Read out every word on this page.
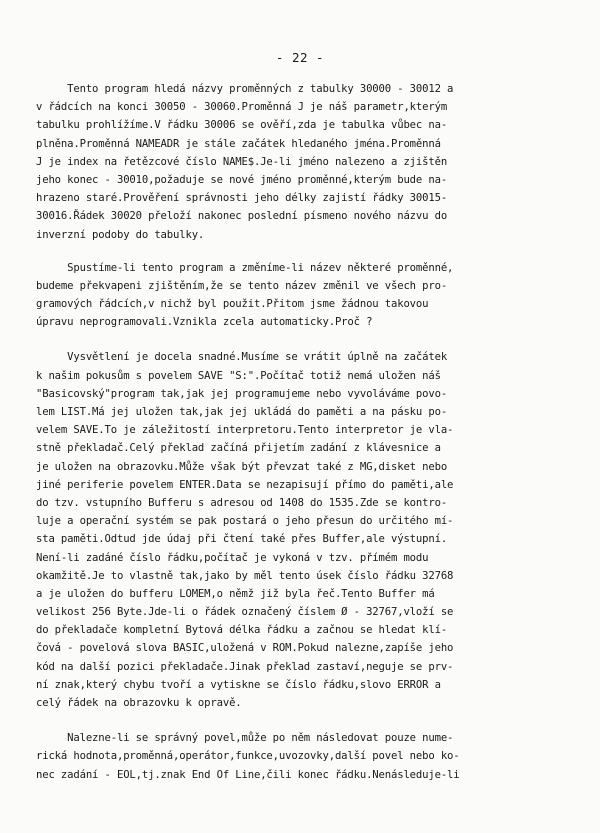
- 22 -
Tento program hledá názvy proměnných z tabulky 30000 - 30012 a
v řádcích na konci 30050 - 30060.Proměnná J je náš parametr,kterým
tabulku prohlížíme.V řádku 30006 se ověří,zda je tabulka vůbec na-
plněna.Proměnná NAMEADR je stále začátek hledaného jména.Proměnná
J je index na řetězcové číslo NAME$.Je-li jméno nalezeno a zjištěn
jeho konec - 30010,požaduje se nové jméno proměnné,kterým bude na-
hrazeno staré.Prověření správnosti jeho délky zajistí řádky 30015-
30016.Řádek 30020 přeloží nakonec poslední písmeno nového názvu do
inverzní podoby do tabulky.
Spustíme-li tento program a změníme-li název některé proměnné,
budeme překvapeni zjištěním,že se tento název změnil ve všech pro-
gramových řádcích,v nichž byl použit.Přitom jsme žádnou takovou
úpravu neprogramovali.Vznikla zcela automaticky.Proč ?
Vysvětlení je docela snadné.Musíme se vrátit úplně na začátek
k našim pokusům s povelem SAVE "S:".Počítač totiž nemá uložen náš
"Basicovský"program tak,jak jej programujeme nebo vyvoláváme povo-
lem LIST.Má jej uložen tak,jak jej ukládá do paměti a na pásku po-
velem SAVE.To je záležitostí interpretoru.Tento interpretor je vla-
stně překladač.Celý překlad začíná přijetím zadání z klávesnice a
je uložen na obrazovku.Může však být převzat také z MG,disket nebo
jiné periferie povelem ENTER.Data se nezapisují přímo do paměti,ale
do tzv. vstupního Bufferu s adresou od 1408 do 1535.Zde se kontro-
luje a operační systém se pak postará o jeho přesun do určitého mí-
sta paměti.Odtud jde údaj při čtení také přes Buffer,ale výstupní.
Není-li zadáné číslo řádku,počítač je vykoná v tzv. přímém modu
okamžitě.Je to vlastně tak,jako by měl tento úsek číslo řádku 32768
a je uložen do bufferu LOMEM,o němž již byla řeč.Tento Buffer má
velikost 256 Byte.Jde-li o řádek označený číslem Ø - 32767,vloží se
do překladače kompletní Bytová délka řádku a začnou se hledat klí-
čová - povelová slova BASIC,uložená v ROM.Pokud nalezne,zapíše jeho
kód na další pozici překladače.Jinak překlad zastaví,neguje se prv-
ní znak,který chybu tvoří a vytiskne se číslo řádku,slovo ERROR a
celý řádek na obrazovku k opravě.
Nalezne-li se správný povel,může po něm následovat pouze nume-
rická hodnota,proměnná,operátor,funkce,uvozovky,další povel nebo ko-
nec zadání - EOL,tj.znak End Of Line,čili konec řádku.Nenásleduje-li
